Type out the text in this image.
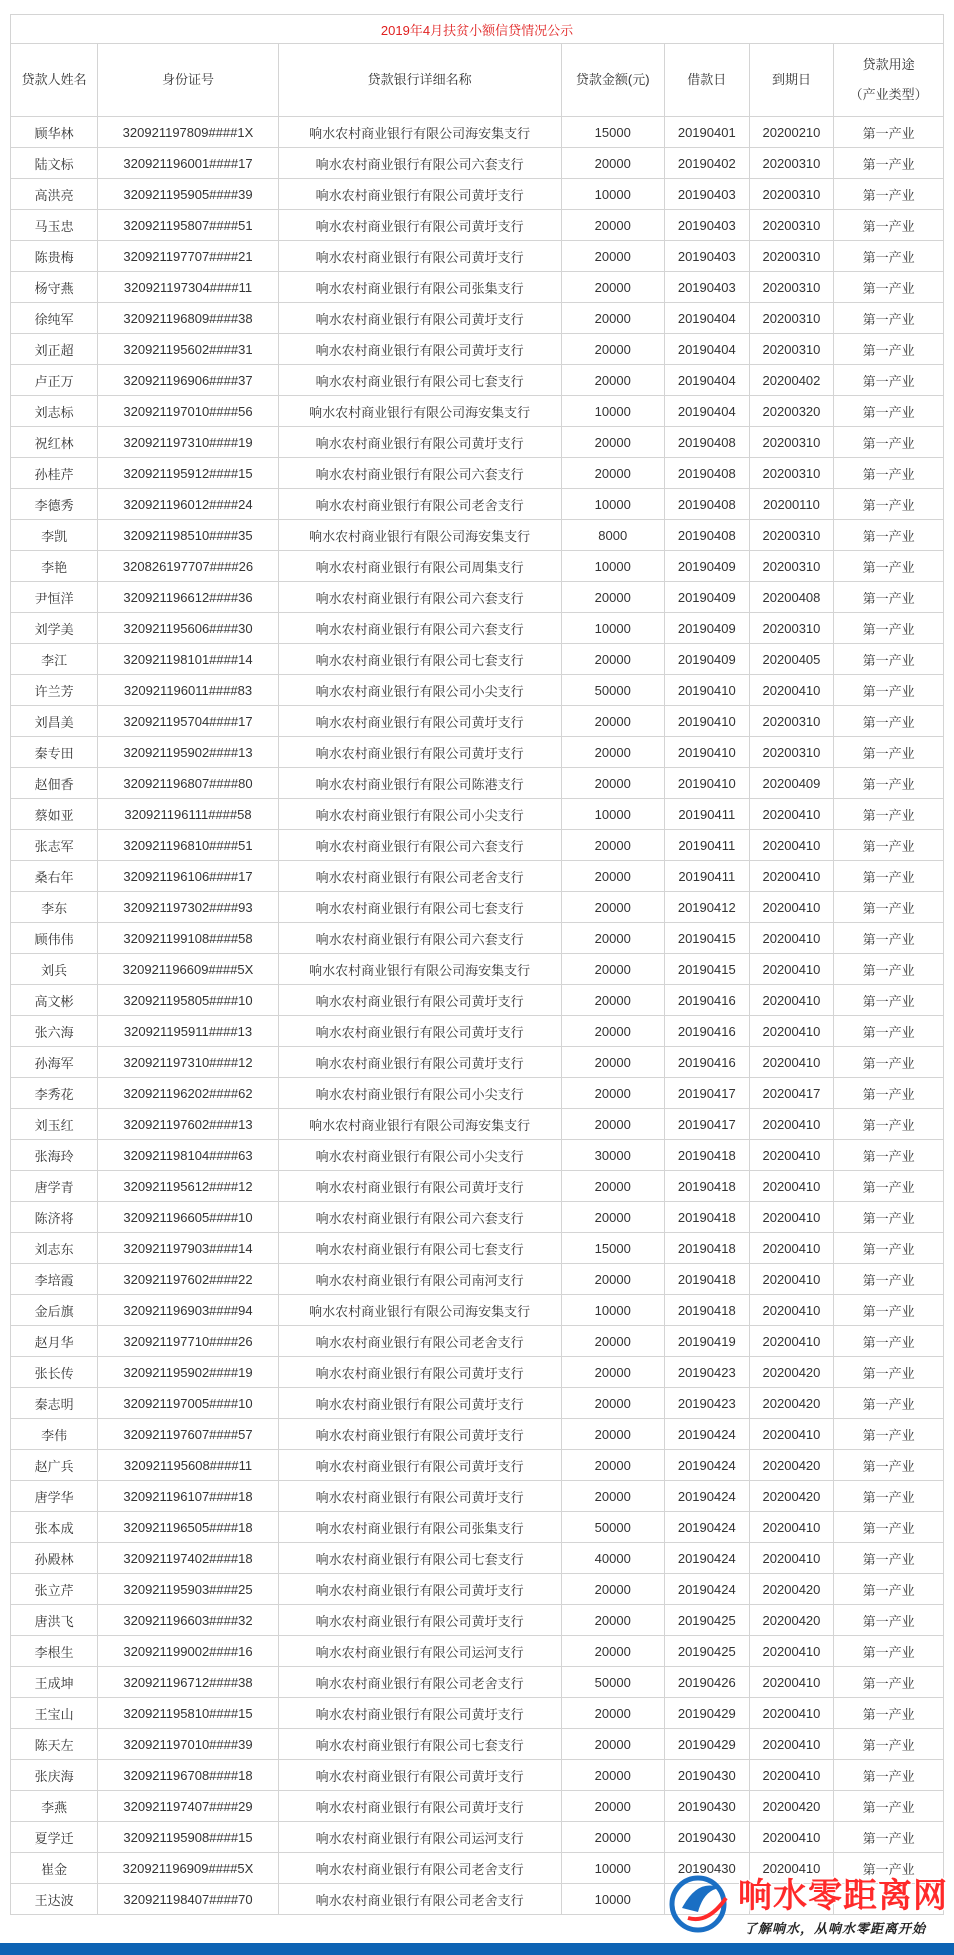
2019年4月扶贫小额信贷情况公示						
贷款人姓名	身份证号	贷款银行详细名称	贷款金额(元)	借款日	到期日	贷款用途
（产业类型）

顾华林	320921197809####1X	响水农村商业银行有限公司海安集支行	15000	20190401	20200210	第一产业
陆文标	320921196001####17	响水农村商业银行有限公司六套支行	20000	20190402	20200310	第一产业
高洪亮	320921195905####39	响水农村商业银行有限公司黄圩支行	10000	20190403	20200310	第一产业
马玉忠	320921195807####51	响水农村商业银行有限公司黄圩支行	20000	20190403	20200310	第一产业
陈贵梅	320921197707####21	响水农村商业银行有限公司黄圩支行	20000	20190403	20200310	第一产业
杨守燕	320921197304####11	响水农村商业银行有限公司张集支行	20000	20190403	20200310	第一产业
徐纯军	320921196809####38	响水农村商业银行有限公司黄圩支行	20000	20190404	20200310	第一产业
刘正超	320921195602####31	响水农村商业银行有限公司黄圩支行	20000	20190404	20200310	第一产业
卢正万	320921196906####37	响水农村商业银行有限公司七套支行	20000	20190404	20200402	第一产业
刘志标	320921197010####56	响水农村商业银行有限公司海安集支行	10000	20190404	20200320	第一产业
祝红林	320921197310####19	响水农村商业银行有限公司黄圩支行	20000	20190408	20200310	第一产业
孙桂芹	320921195912####15	响水农村商业银行有限公司六套支行	20000	20190408	20200310	第一产业
李德秀	320921196012####24	响水农村商业银行有限公司老舍支行	10000	20190408	20200110	第一产业
李凯	320921198510####35	响水农村商业银行有限公司海安集支行	8000	20190408	20200310	第一产业
李艳	320826197707####26	响水农村商业银行有限公司周集支行	10000	20190409	20200310	第一产业
尹恒洋	320921196612####36	响水农村商业银行有限公司六套支行	20000	20190409	20200408	第一产业
刘学美	320921195606####30	响水农村商业银行有限公司六套支行	10000	20190409	20200310	第一产业
李江	320921198101####14	响水农村商业银行有限公司七套支行	20000	20190409	20200405	第一产业
许兰芳	320921196011####83	响水农村商业银行有限公司小尖支行	50000	20190410	20200410	第一产业
刘昌美	320921195704####17	响水农村商业银行有限公司黄圩支行	20000	20190410	20200310	第一产业
秦专田	320921195902####13	响水农村商业银行有限公司黄圩支行	20000	20190410	20200310	第一产业
赵佃香	320921196807####80	响水农村商业银行有限公司陈港支行	20000	20190410	20200409	第一产业
蔡如亚	320921196111####58	响水农村商业银行有限公司小尖支行	10000	20190411	20200410	第一产业
张志军	320921196810####51	响水农村商业银行有限公司六套支行	20000	20190411	20200410	第一产业
桑右年	320921196106####17	响水农村商业银行有限公司老舍支行	20000	20190411	20200410	第一产业
李东	320921197302####93	响水农村商业银行有限公司七套支行	20000	20190412	20200410	第一产业
顾伟伟	320921199108####58	响水农村商业银行有限公司六套支行	20000	20190415	20200410	第一产业
刘兵	320921196609####5X	响水农村商业银行有限公司海安集支行	20000	20190415	20200410	第一产业
高文彬	320921195805####10	响水农村商业银行有限公司黄圩支行	20000	20190416	20200410	第一产业
张六海	320921195911####13	响水农村商业银行有限公司黄圩支行	20000	20190416	20200410	第一产业
孙海军	320921197310####12	响水农村商业银行有限公司黄圩支行	20000	20190416	20200410	第一产业
李秀花	320921196202####62	响水农村商业银行有限公司小尖支行	20000	20190417	20200417	第一产业
刘玉红	320921197602####13	响水农村商业银行有限公司海安集支行	20000	20190417	20200410	第一产业
张海玲	320921198104####63	响水农村商业银行有限公司小尖支行	30000	20190418	20200410	第一产业
唐学青	320921195612####12	响水农村商业银行有限公司黄圩支行	20000	20190418	20200410	第一产业
陈济将	320921196605####10	响水农村商业银行有限公司六套支行	20000	20190418	20200410	第一产业
刘志东	320921197903####14	响水农村商业银行有限公司七套支行	15000	20190418	20200410	第一产业
李培霞	320921197602####22	响水农村商业银行有限公司南河支行	20000	20190418	20200410	第一产业
金后旗	320921196903####94	响水农村商业银行有限公司海安集支行	10000	20190418	20200410	第一产业
赵月华	320921197710####26	响水农村商业银行有限公司老舍支行	20000	20190419	20200410	第一产业
张长传	320921195902####19	响水农村商业银行有限公司黄圩支行	20000	20190423	20200420	第一产业
秦志明	320921197005####10	响水农村商业银行有限公司黄圩支行	20000	20190423	20200420	第一产业
李伟	320921197607####57	响水农村商业银行有限公司黄圩支行	20000	20190424	20200410	第一产业
赵广兵	320921195608####11	响水农村商业银行有限公司黄圩支行	20000	20190424	20200420	第一产业
唐学华	320921196107####18	响水农村商业银行有限公司黄圩支行	20000	20190424	20200420	第一产业
张本成	320921196505####18	响水农村商业银行有限公司张集支行	50000	20190424	20200410	第一产业
孙殿林	320921197402####18	响水农村商业银行有限公司七套支行	40000	20190424	20200410	第一产业
张立芹	320921195903####25	响水农村商业银行有限公司黄圩支行	20000	20190424	20200420	第一产业
唐洪飞	320921196603####32	响水农村商业银行有限公司黄圩支行	20000	20190425	20200420	第一产业
李根生	320921199002####16	响水农村商业银行有限公司运河支行	20000	20190425	20200410	第一产业
王成坤	320921196712####38	响水农村商业银行有限公司老舍支行	50000	20190426	20200410	第一产业
王宝山	320921195810####15	响水农村商业银行有限公司黄圩支行	20000	20190429	20200410	第一产业
陈天左	320921197010####39	响水农村商业银行有限公司七套支行	20000	20190429	20200410	第一产业
张庆海	320921196708####18	响水农村商业银行有限公司黄圩支行	20000	20190430	20200410	第一产业
李燕	320921197407####29	响水农村商业银行有限公司黄圩支行	20000	20190430	20200420	第一产业
夏学迁	320921195908####15	响水农村商业银行有限公司运河支行	20000	20190430	20200410	第一产业
崔金	320921196909####5X	响水农村商业银行有限公司老舍支行	10000	20190430	20200410	第一产业
王达波	320921198407####70	响水农村商业银行有限公司老舍支行	10000				响水零距离网
了解响水，从响水零距离开始
